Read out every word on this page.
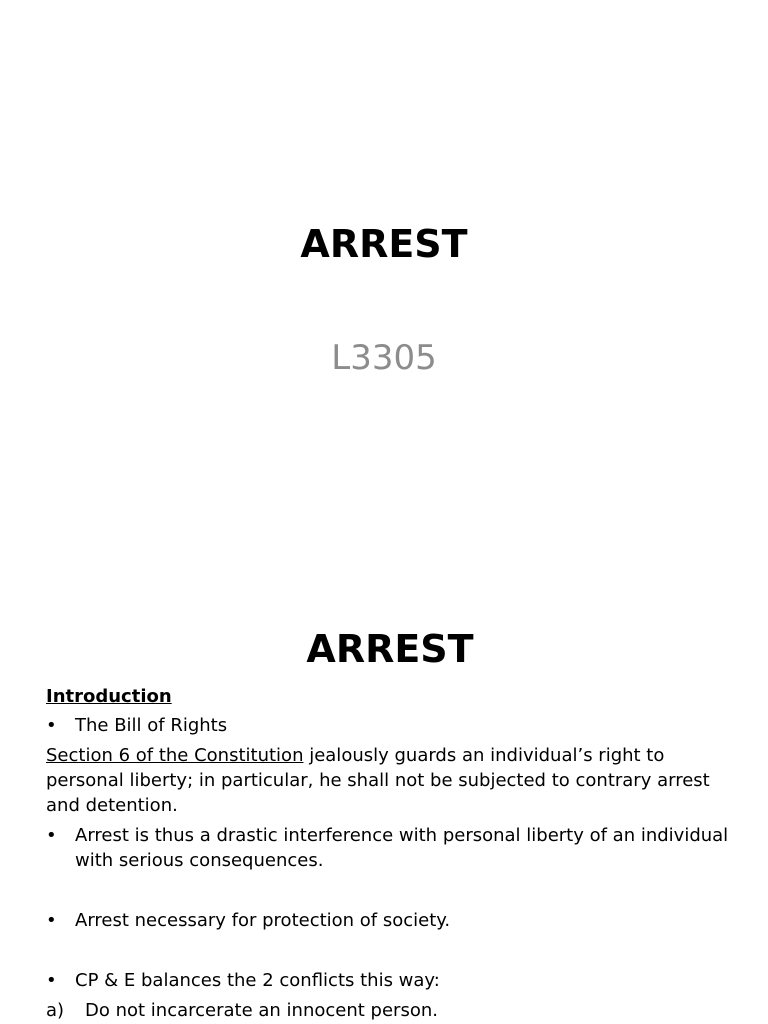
ARREST

L3305

ARREST

Introduction

•	The Bill of Rights

Section 6 of the Constitution jealously guards an individual’s right to personal liberty; in particular, he shall not be subjected to contrary arrest and detention.

•	Arrest is thus a drastic interference with personal liberty of an individual with serious consequences.

•	Arrest necessary for protection of society.

•	CP & E balances the 2 conflicts this way:

a) Do not incarcerate an innocent person.
